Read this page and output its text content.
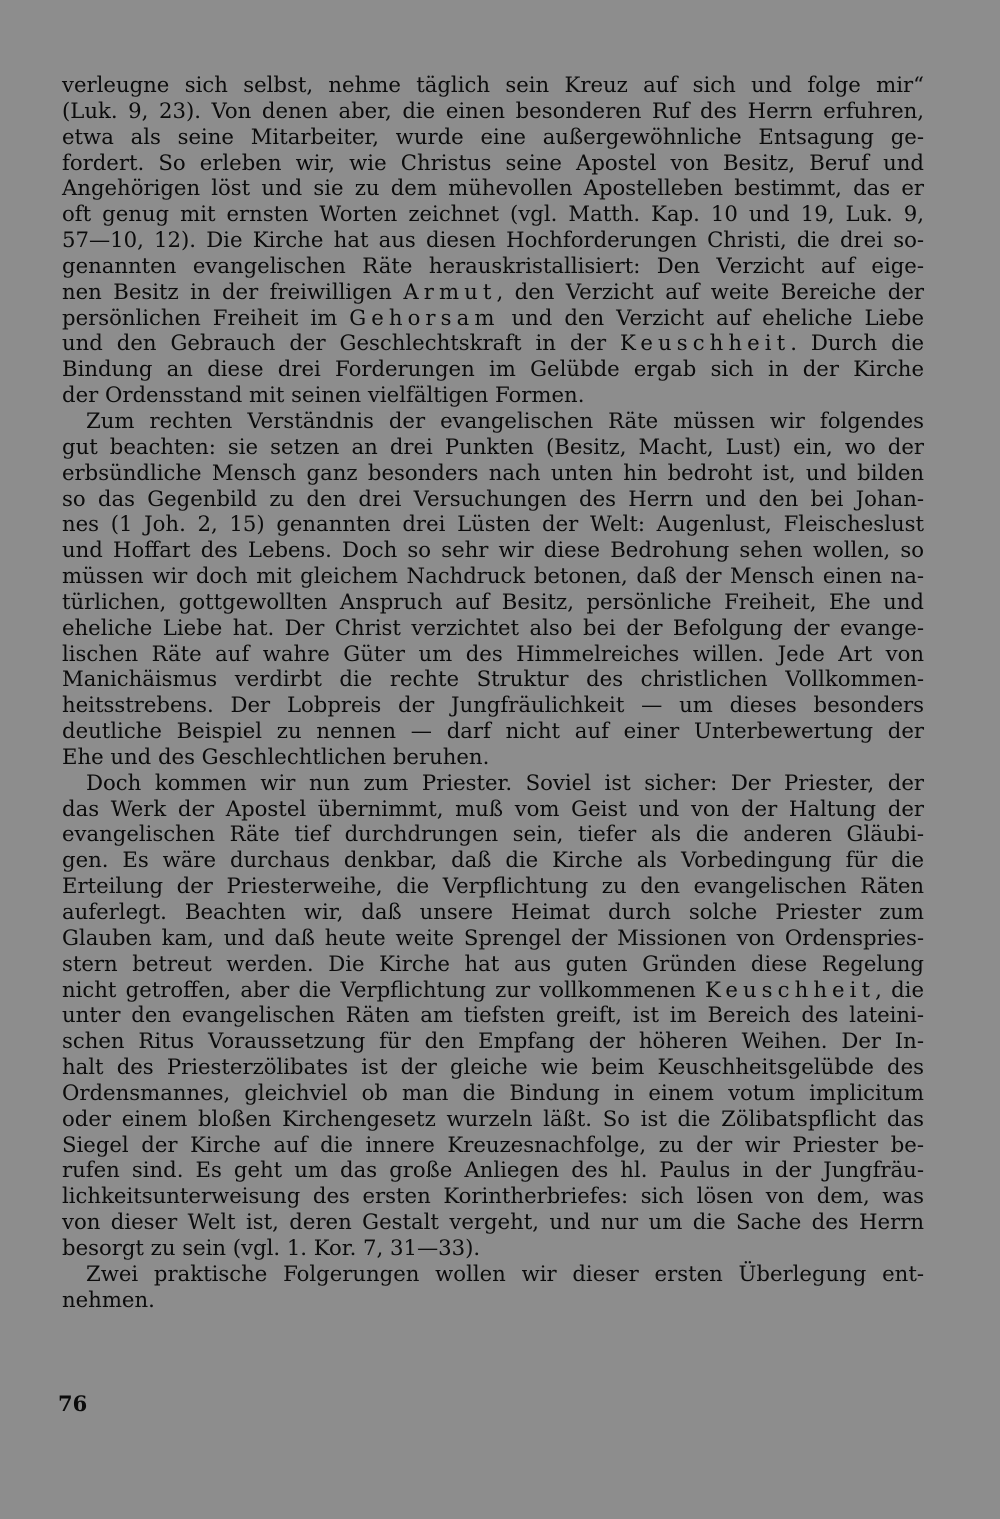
verleugne sich selbst, nehme täglich sein Kreuz auf sich und folge mir“
(Luk. 9, 23). Von denen aber, die einen besonderen Ruf des Herrn erfuhren,
etwa als seine Mitarbeiter, wurde eine außergewöhnliche Entsagung ge-
fordert. So erleben wir, wie Christus seine Apostel von Besitz, Beruf und
Angehörigen löst und sie zu dem mühevollen Apostelleben bestimmt, das er
oft genug mit ernsten Worten zeichnet (vgl. Matth. Kap. 10 und 19, Luk. 9,
57—10, 12). Die Kirche hat aus diesen Hochforderungen Christi, die drei so-
genannten evangelischen Räte herauskristallisiert: Den Verzicht auf eige-
nen Besitz in der freiwilligen Armut, den Verzicht auf weite Bereiche der
persönlichen Freiheit im Gehorsam und den Verzicht auf eheliche Liebe
und den Gebrauch der Geschlechtskraft in der Keuschheit. Durch die
Bindung an diese drei Forderungen im Gelübde ergab sich in der Kirche
der Ordensstand mit seinen vielfältigen Formen.
Zum rechten Verständnis der evangelischen Räte müssen wir folgendes
gut beachten: sie setzen an drei Punkten (Besitz, Macht, Lust) ein, wo der
erbsündliche Mensch ganz besonders nach unten hin bedroht ist, und bilden
so das Gegenbild zu den drei Versuchungen des Herrn und den bei Johan-
nes (1 Joh. 2, 15) genannten drei Lüsten der Welt: Augenlust, Fleischeslust
und Hoffart des Lebens. Doch so sehr wir diese Bedrohung sehen wollen, so
müssen wir doch mit gleichem Nachdruck betonen, daß der Mensch einen na-
türlichen, gottgewollten Anspruch auf Besitz, persönliche Freiheit, Ehe und
eheliche Liebe hat. Der Christ verzichtet also bei der Befolgung der evange-
lischen Räte auf wahre Güter um des Himmelreiches willen. Jede Art von
Manichäismus verdirbt die rechte Struktur des christlichen Vollkommen-
heitsstrebens. Der Lobpreis der Jungfräulichkeit — um dieses besonders
deutliche Beispiel zu nennen — darf nicht auf einer Unterbewertung der
Ehe und des Geschlechtlichen beruhen.
Doch kommen wir nun zum Priester. Soviel ist sicher: Der Priester, der
das Werk der Apostel übernimmt, muß vom Geist und von der Haltung der
evangelischen Räte tief durchdrungen sein, tiefer als die anderen Gläubi-
gen. Es wäre durchaus denkbar, daß die Kirche als Vorbedingung für die
Erteilung der Priesterweihe, die Verpflichtung zu den evangelischen Räten
auferlegt. Beachten wir, daß unsere Heimat durch solche Priester zum
Glauben kam, und daß heute weite Sprengel der Missionen von Ordenspries-
stern betreut werden. Die Kirche hat aus guten Gründen diese Regelung
nicht getroffen, aber die Verpflichtung zur vollkommenen Keuschheit, die
unter den evangelischen Räten am tiefsten greift, ist im Bereich des lateini-
schen Ritus Voraussetzung für den Empfang der höheren Weihen. Der In-
halt des Priesterzölibates ist der gleiche wie beim Keuschheitsgelübde des
Ordensmannes, gleichviel ob man die Bindung in einem votum implicitum
oder einem bloßen Kirchengesetz wurzeln läßt. So ist die Zölibatspflicht das
Siegel der Kirche auf die innere Kreuzesnachfolge, zu der wir Priester be-
rufen sind. Es geht um das große Anliegen des hl. Paulus in der Jungfräu-
lichkeitsunterweisung des ersten Korintherbriefes: sich lösen von dem, was
von dieser Welt ist, deren Gestalt vergeht, und nur um die Sache des Herrn
besorgt zu sein (vgl. 1. Kor. 7, 31—33).
Zwei praktische Folgerungen wollen wir dieser ersten Überlegung ent-
nehmen.
76
